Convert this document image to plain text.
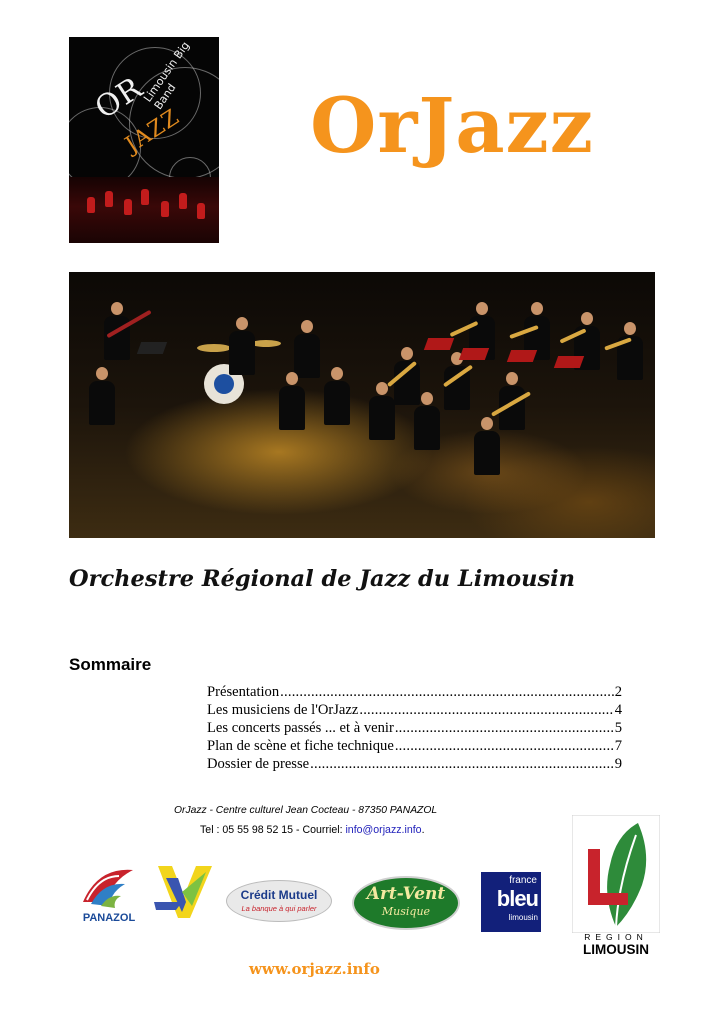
Limousin Big Band
OR
JAZZ	OrJazz
Orchestre Régional de Jazz du Limousin
Sommaire
Présentation .....	2
Les musiciens de l'OrJazz .....	4
Les concerts passés ... et à venir .....	5
Plan de scène et fiche technique .....	7
Dossier de presse .....	9
OrJazz - Centre culturel Jean Cocteau - 87350 PANAZOL
Tel : 05 55 98 52 15 - Courriel: info@orjazz.info.
PANAZOL
Crédit Mutuel
La banque à qui parler
Art-Vent
Musique
france
bleu
limousin
REGION
LIMOUSIN
www.orjazz.info
